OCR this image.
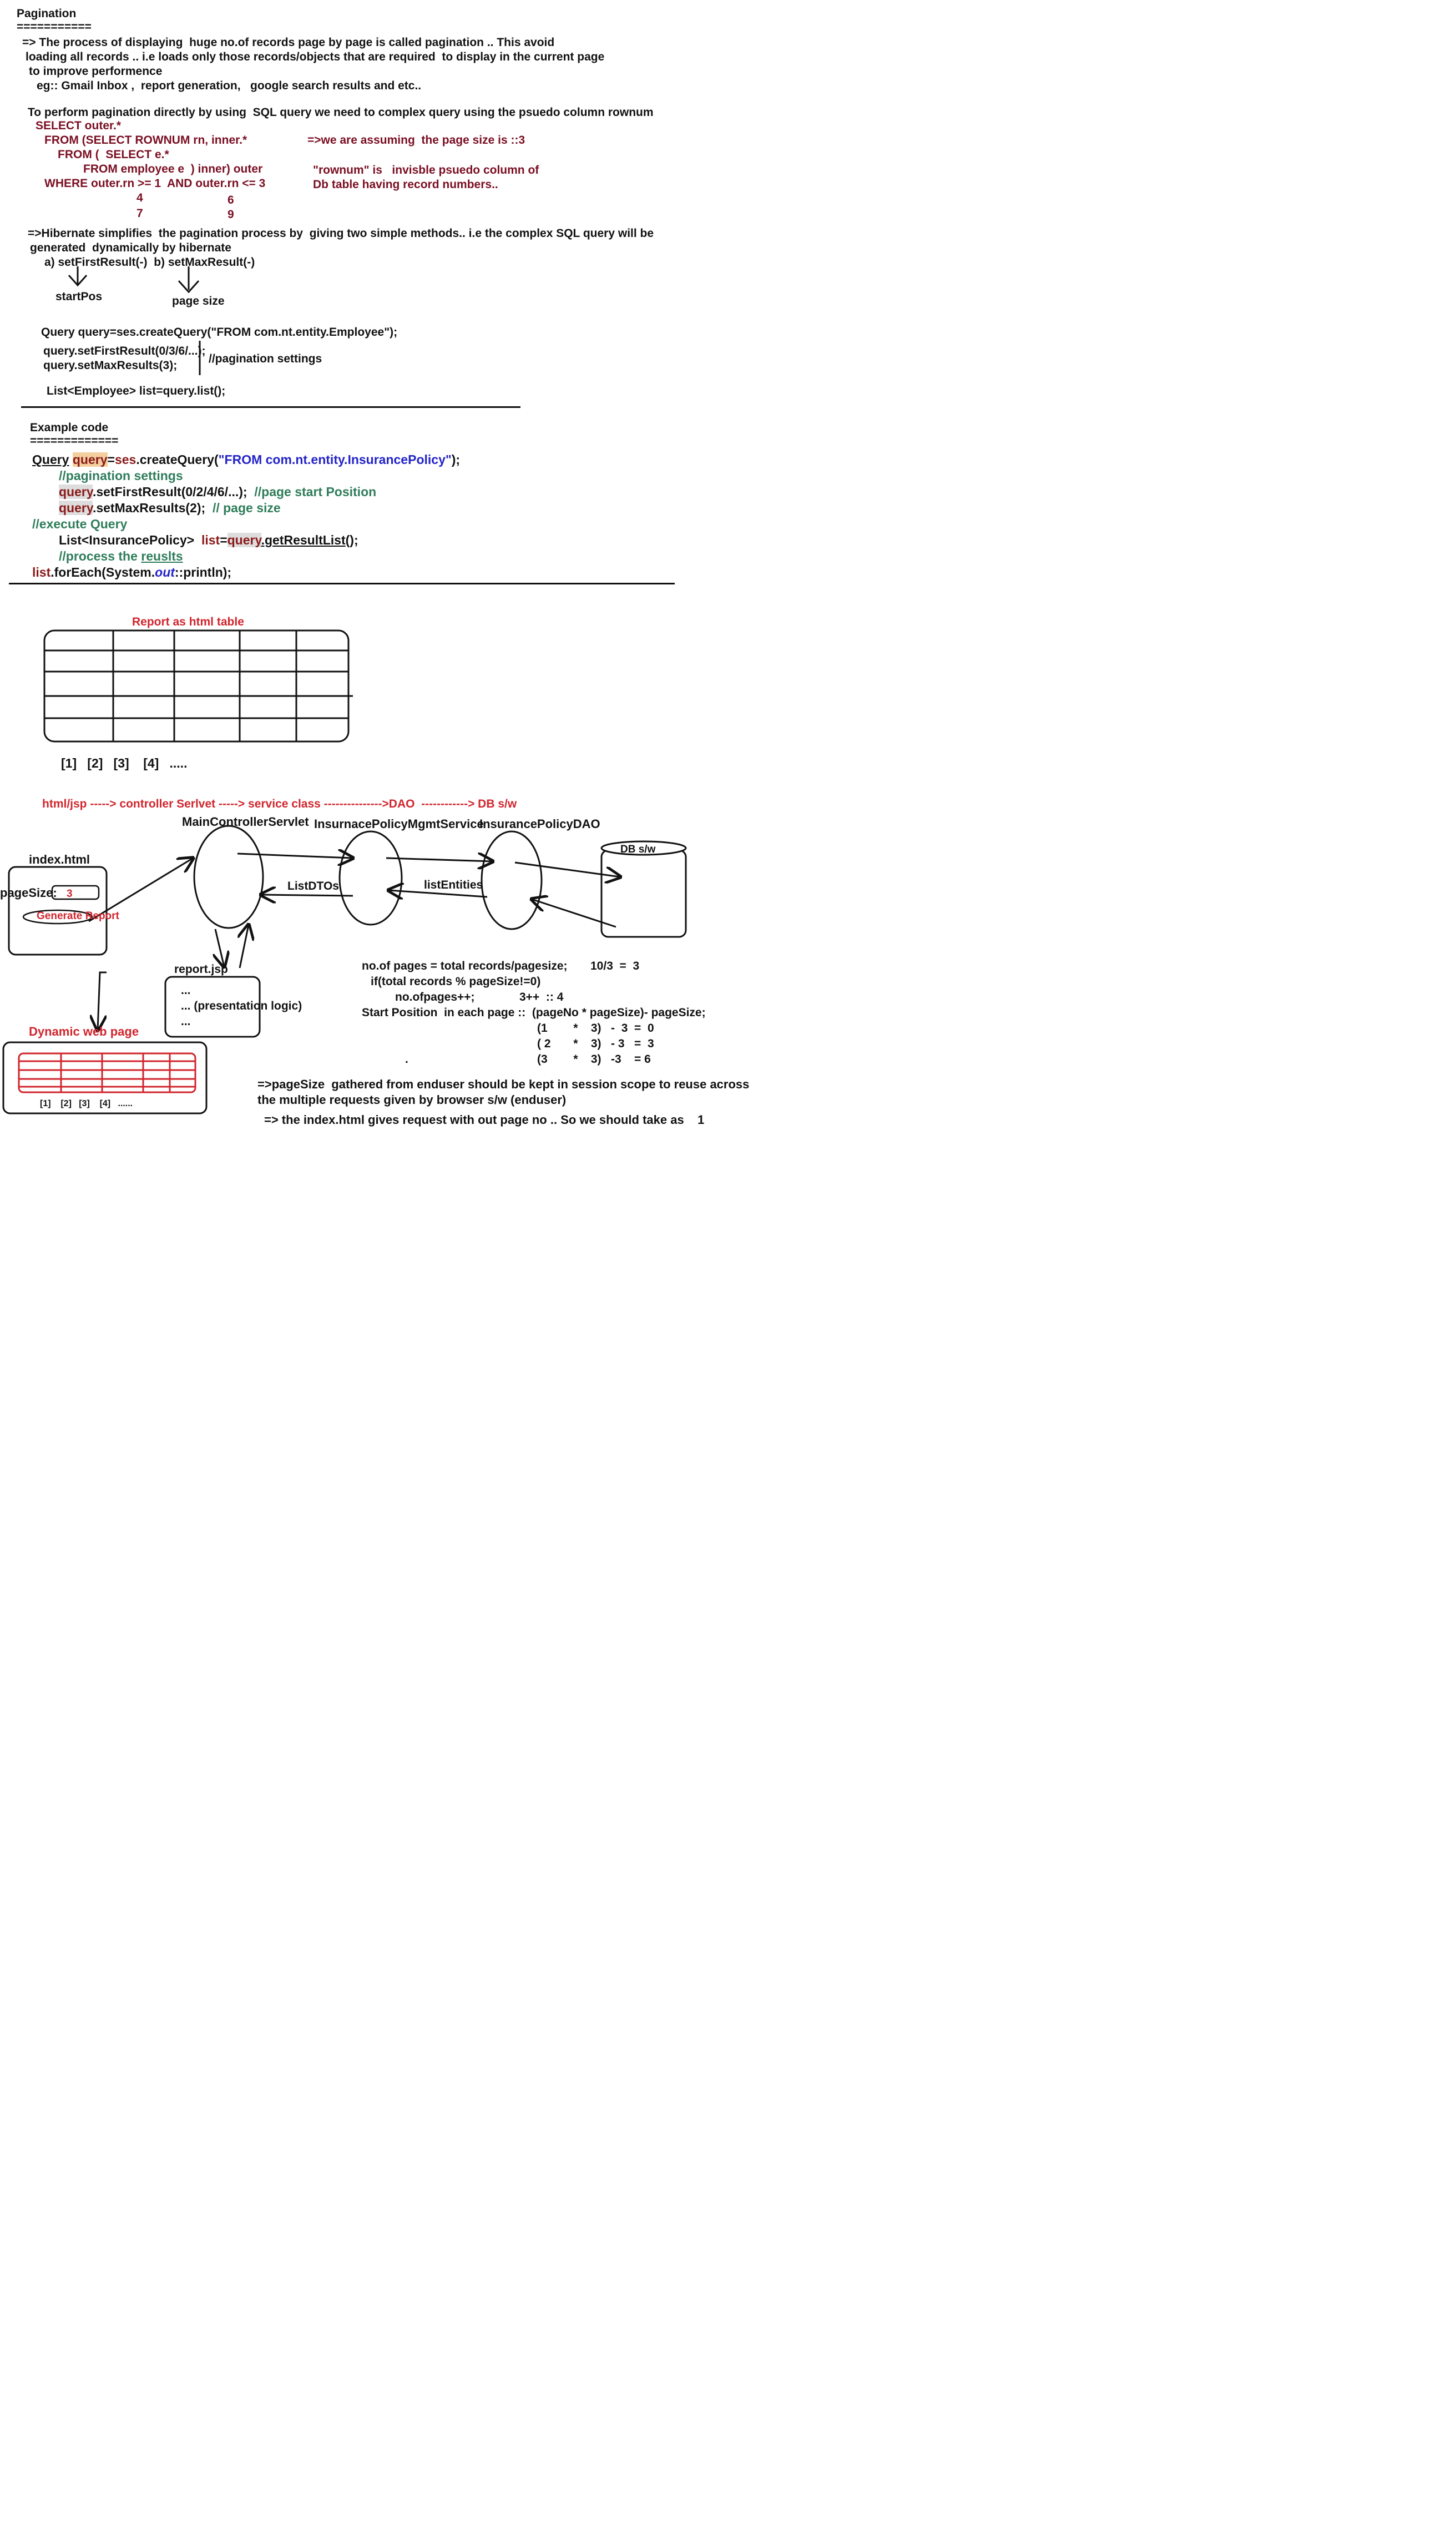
Pagination
===========
=> The process of displaying  huge no.of records page by page is called pagination .. This avoid
loading all records .. i.e loads only those records/objects that are required  to display in the current page
to improve performence
eg:: Gmail Inbox ,  report generation,   google search results and etc..
To perform pagination directly by using  SQL query we need to complex query using the psuedo column rownum
SELECT outer.*
FROM (SELECT ROWNUM rn, inner.*
FROM (  SELECT e.*
FROM employee e  ) inner) outer
WHERE outer.rn >= 1  AND outer.rn <= 3
4	6
7	9
=>we are assuming  the page size is ::3
"rownum" is   invisble psuedo column of
Db table having record numbers..
=>Hibernate simplifies  the pagination process by  giving two simple methods.. i.e the complex SQL query will be
generated  dynamically by hibernate
a) setFirstResult(-)  b) setMaxResult(-)
startPos	page size
Query query=ses.createQuery("FROM com.nt.entity.Employee");
query.setFirstResult(0/3/6/...);
query.setMaxResults(3);
//pagination settings
List<Employee> list=query.list();
Example code
=============
Query query=ses.createQuery("FROM com.nt.entity.InsurancePolicy");
//pagination settings
query.setFirstResult(0/2/4/6/...);  //page start Position
query.setMaxResults(2);  // page size
//execute Query
List<InsurancePolicy>  list=query.getResultList();
//process the reuslts
list.forEach(System.out::println);
Report as html table
[1]   [2]   [3]    [4]   .....
html/jsp -----> controller Serlvet -----> service class --------------->DAO  ------------> DB s/w
MainControllerServlet InsurnacePolicyMgmtService
InsurancePolicyDAO
DB s/w
index.html
pageSize: 3
Generate Report
ListDTOs	listEntities
report.jsp
...
... (presentation logic)
...
Dynamic web page
[1]    [2]   [3]    [4]   ......
no.of pages = total records/pagesize; 10/3  =  3
if(total records % pageSize!=0)
no.ofpages++;	3++  :: 4
Start Position  in each page ::  (pageNo * pageSize)- pageSize;
(1        *    3)   -  3  =  0
( 2       *    3)   - 3   =  3
(3        *    3)   -3    = 6
.
=>pageSize  gathered from enduser should be kept in session scope to reuse across
the multiple requests given by browser s/w (enduser)
=> the index.html gives request with out page no .. So we should take as    1
